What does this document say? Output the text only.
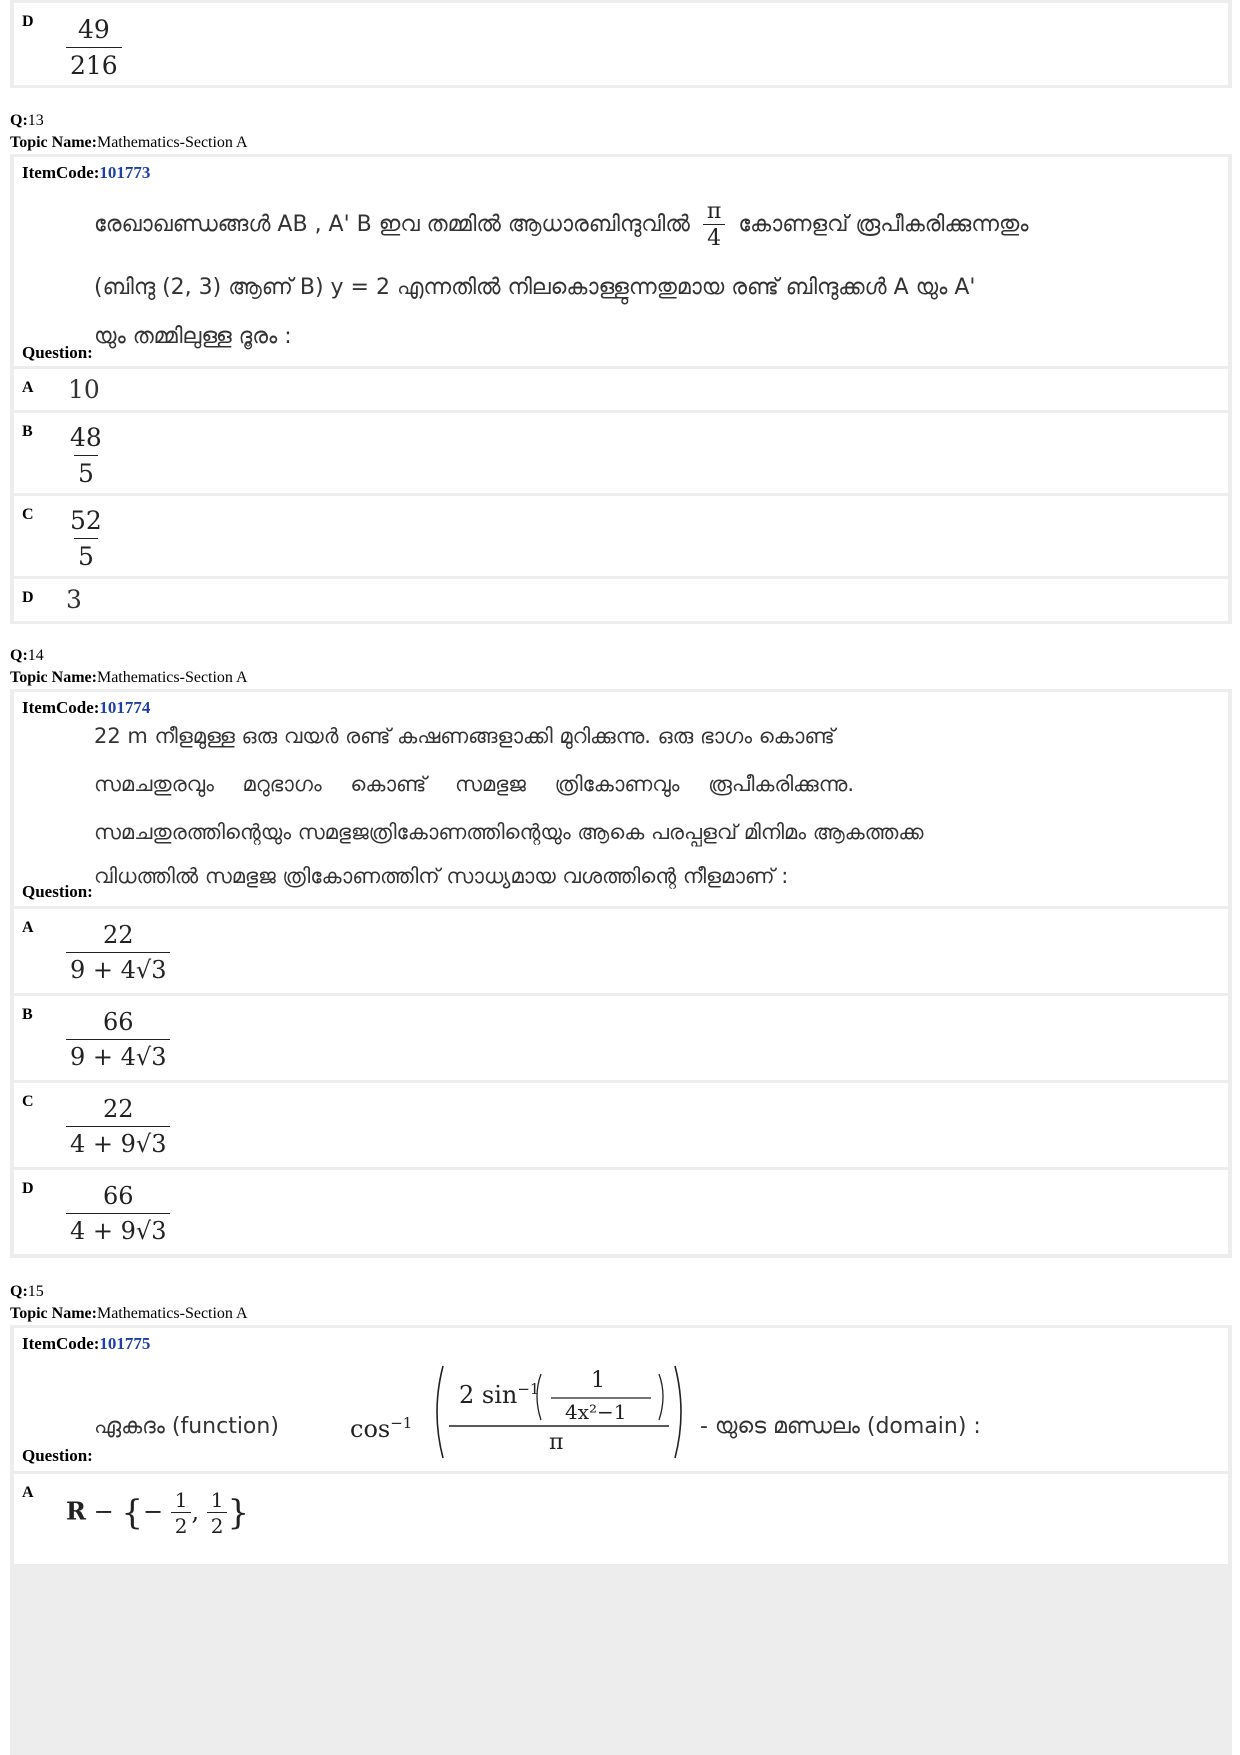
D $\frac{49}{216}$
Q:13
Topic Name:Mathematics-Section A
ItemCode:101773
രേഖാഖണ്ഡങ്ങൾ AB , A' B ഇവ തമ്മിൽ ആധാരബിന്ദുവിൽ $\frac{\pi}{4}$ കോണളവ് രൂപീകരിക്കുന്നതും
(ബിന്ദു (2, 3) ആണ് B) y = 2 എന്നതിൽ നിലകൊള്ളുന്നതുമായ രണ്ട് ബിന്ദുക്കൾ A യും A'
യും തമ്മിലുള്ള ദൂരം :
Question:
A 10
B $\frac{48}{5}$
C $\frac{52}{5}$
D 3
Q:14
Topic Name:Mathematics-Section A
ItemCode:101774
22 m നീളമുള്ള ഒരു വയർ രണ്ട് കഷണങ്ങളാക്കി മുറിക്കുന്നു. ഒരു ഭാഗം കൊണ്ട്
സമചതുരവും മറുഭാഗം കൊണ്ട് സമഭുജ ത്രികോണവും രൂപീകരിക്കുന്നു.
സമചതുരത്തിന്റെയും സമഭുജത്രികോണത്തിന്റെയും ആകെ പരപ്പളവ് മിനിമം ആകത്തക്ക
വിധത്തിൽ സമഭുജ ത്രികോണത്തിന് സാധ്യമായ വശത്തിന്റെ നീളമാണ് :
Question:
A $\frac{22}{9 + 4√3}$
B $\frac{66}{9 + 4√3}$
C $\frac{22}{4 + 9√3}$
D $\frac{66}{4 + 9√3}$
Q:15
Topic Name:Mathematics-Section A
ItemCode:101775
ഏകദം (function)	$\cos^{-1}$
2 $\sin^{-1} 1$
4x²−1
π
- യുടെ മണ്ഡലം (domain) :
Question:
A
R − {− $\frac{1}{2}$ , $\frac{1}{2}$ }
